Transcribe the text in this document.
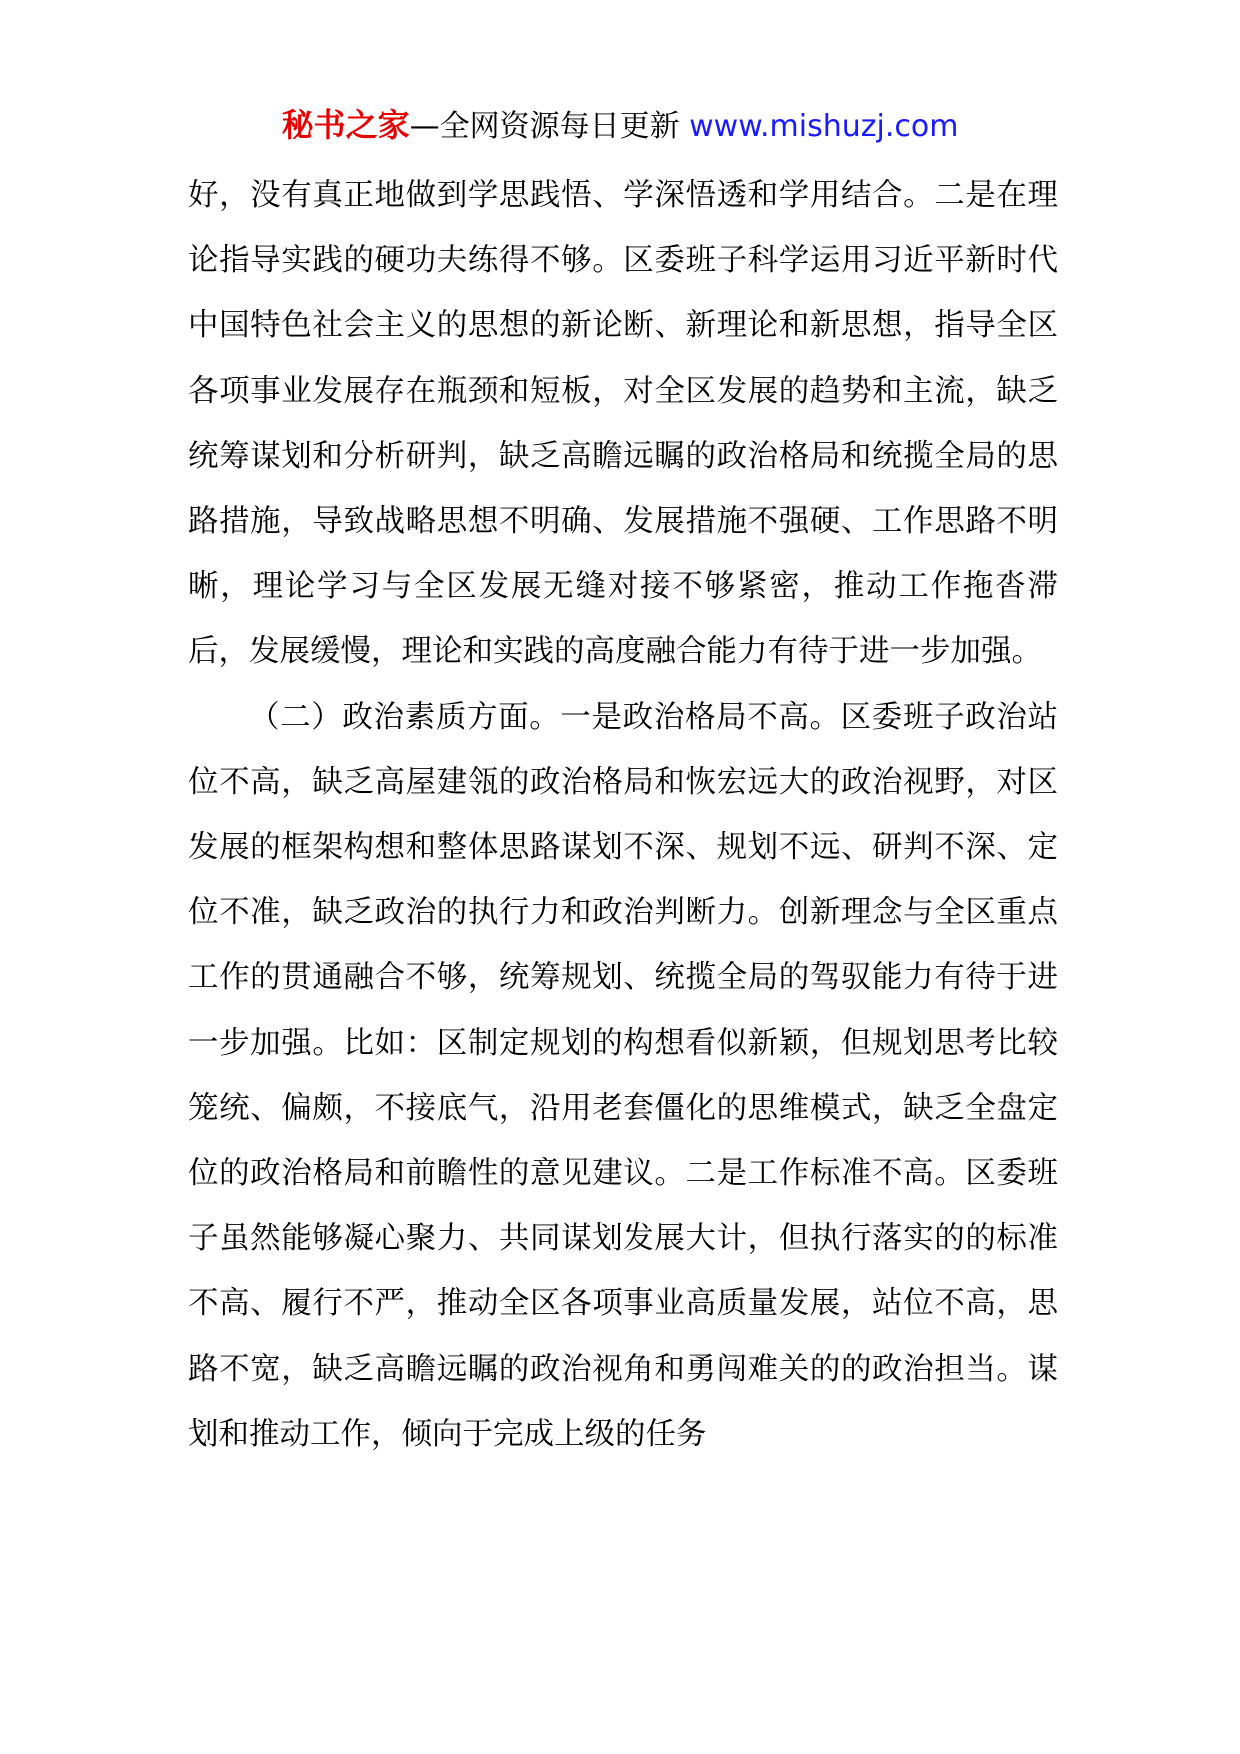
秘书之家—全网资源每日更新 www.mishuzj.com

好，没有真正地做到学思践悟、学深悟透和学用结合。二是在理论指导实践的硬功夫练得不够。区委班子科学运用习近平新时代中国特色社会主义的思想的新论断、新理论和新思想，指导全区各项事业发展存在瓶颈和短板，对全区发展的趋势和主流，缺乏统筹谋划和分析研判，缺乏高瞻远瞩的政治格局和统揽全局的思路措施，导致战略思想不明确、发展措施不强硬、工作思路不明晰，理论学习与全区发展无缝对接不够紧密，推动工作拖沓滞后，发展缓慢，理论和实践的高度融合能力有待于进一步加强。

（二）政治素质方面。一是政治格局不高。区委班子政治站位不高，缺乏高屋建瓴的政治格局和恢宏远大的政治视野，对区发展的框架构想和整体思路谋划不深、规划不远、研判不深、定位不准，缺乏政治的执行力和政治判断力。创新理念与全区重点工作的贯通融合不够，统筹规划、统揽全局的驾驭能力有待于进一步加强。比如：区制定规划的构想看似新颖，但规划思考比较笼统、偏颇，不接底气，沿用老套僵化的思维模式，缺乏全盘定位的政治格局和前瞻性的意见建议。二是工作标准不高。区委班子虽然能够凝心聚力、共同谋划发展大计，但执行落实的的标准不高、履行不严，推动全区各项事业高质量发展，站位不高，思路不宽，缺乏高瞻远瞩的政治视角和勇闯难关的的政治担当。谋划和推动工作，倾向于完成上级的任务
